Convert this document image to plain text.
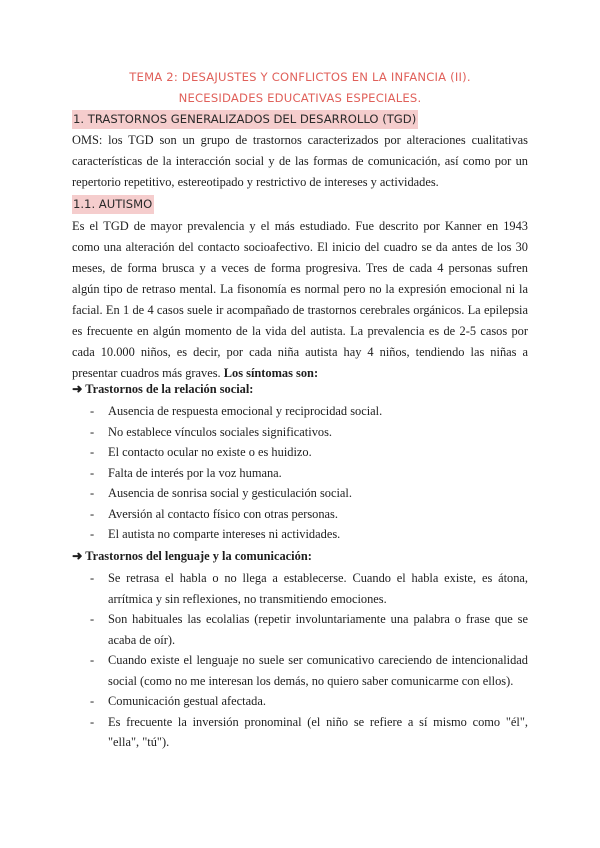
TEMA 2: DESAJUSTES Y CONFLICTOS EN LA INFANCIA (II).
NECESIDADES EDUCATIVAS ESPECIALES.
1. TRASTORNOS GENERALIZADOS DEL DESARROLLO (TGD)
OMS: los TGD son un grupo de trastornos caracterizados por alteraciones cualitativas características de la interacción social y de las formas de comunicación, así como por un repertorio repetitivo, estereotipado y restrictivo de intereses y actividades.
1.1. AUTISMO
Es el TGD de mayor prevalencia y el más estudiado. Fue descrito por Kanner en 1943 como una alteración del contacto socioafectivo. El inicio del cuadro se da antes de los 30 meses, de forma brusca y a veces de forma progresiva. Tres de cada 4 personas sufren algún tipo de retraso mental. La fisonomía es normal pero no la expresión emocional ni la facial. En 1 de 4 casos suele ir acompañado de trastornos cerebrales orgánicos. La epilepsia es frecuente en algún momento de la vida del autista. La prevalencia es de 2-5 casos por cada 10.000 niños, es decir, por cada niña autista hay 4 niños, tendiendo las niñas a presentar cuadros más graves. Los síntomas son:
➜ Trastornos de la relación social:
- Ausencia de respuesta emocional y reciprocidad social.
- No establece vínculos sociales significativos.
- El contacto ocular no existe o es huidizo.
- Falta de interés por la voz humana.
- Ausencia de sonrisa social y gesticulación social.
- Aversión al contacto físico con otras personas.
- El autista no comparte intereses ni actividades.
➜ Trastornos del lenguaje y la comunicación:
- Se retrasa el habla o no llega a establecerse. Cuando el habla existe, es átona, arrítmica y sin reflexiones, no transmitiendo emociones.
- Son habituales las ecolalias (repetir involuntariamente una palabra o frase que se acaba de oír).
- Cuando existe el lenguaje no suele ser comunicativo careciendo de intencionalidad social (como no me interesan los demás, no quiero saber comunicarme con ellos).
- Comunicación gestual afectada.
- Es frecuente la inversión pronominal (el niño se refiere a sí mismo como "él", "ella", "tú").
